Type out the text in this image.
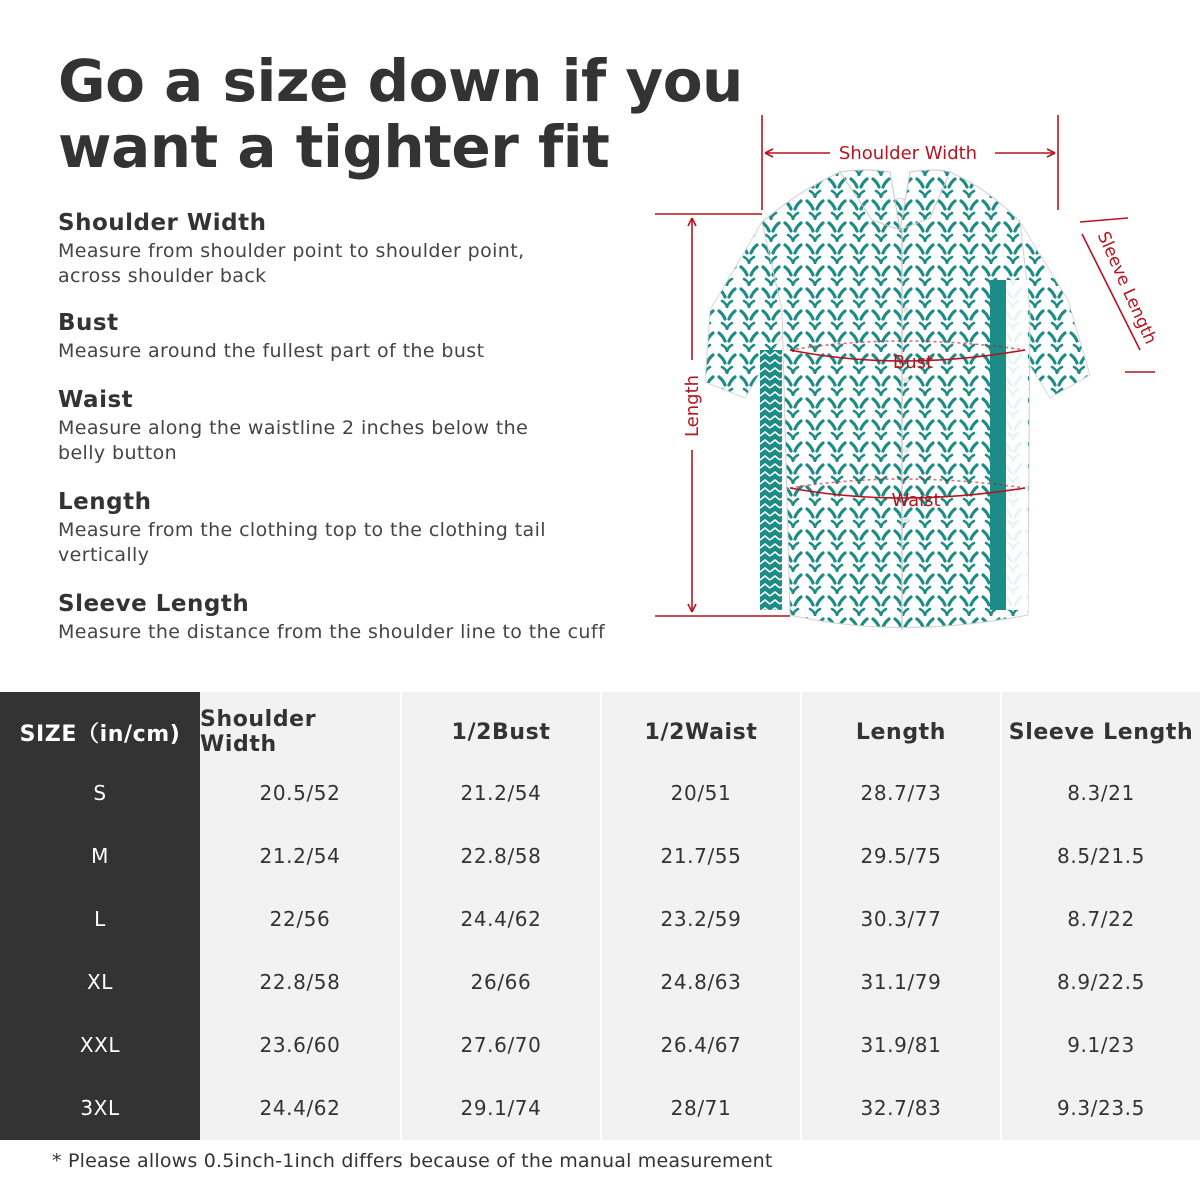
Go a size down if you
want a tighter fit
Shoulder Width
Measure from shoulder point to shoulder point,
across shoulder back
Bust
Measure around the fullest part of the bust
Waist
Measure along the waistline 2 inches below the
belly button
Length
Measure from the clothing top to the clothing tail
vertically
Sleeve Length
Measure the distance from the shoulder line to the cuff
Shoulder Width
Length
Sleeve Length
Bust
Waist
SIZE（in/cm)
S
M
L
XL
XXL
3XL
Shoulder Width
20.5/52
21.2/54
22/56
22.8/58
23.6/60
24.4/62
1/2Bust
21.2/54
22.8/58
24.4/62
26/66
27.6/70
29.1/74
1/2Waist
20/51
21.7/55
23.2/59
24.8/63
26.4/67
28/71
Length
28.7/73
29.5/75
30.3/77
31.1/79
31.9/81
32.7/83
Sleeve Length
8.3/21
8.5/21.5
8.7/22
8.9/22.5
9.1/23
9.3/23.5
* Please allows 0.5inch-1inch differs because of the manual measurement
